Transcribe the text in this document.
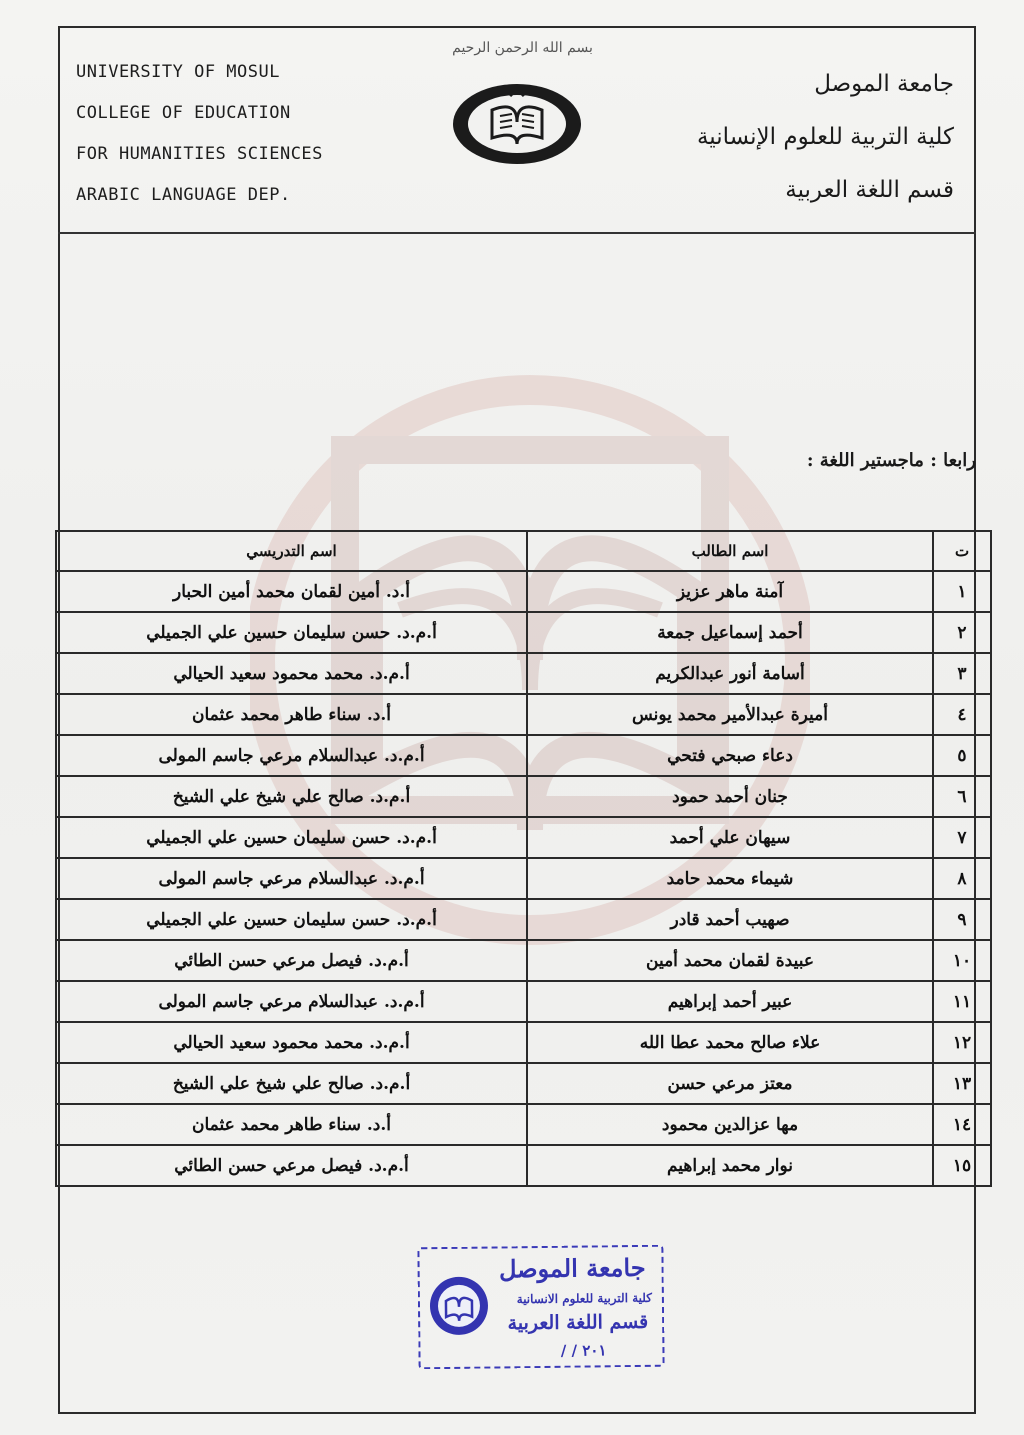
بسم الله الرحمن الرحيم
UNIVERSITY OF MOSUL
COLLEGE OF EDUCATION
FOR HUMANITIES SCIENCES
ARABIC LANGUAGE DEP.
جامعة الموصل
كلية التربية للعلوم الإنسانية
قسم اللغة العربية
رابعا : ماجستير اللغة :
ت	اسم الطالب	اسم التدريسي
١	آمنة ماهر عزيز	أ.د. أمين لقمان محمد أمين الحبار
٢	أحمد إسماعيل جمعة	أ.م.د. حسن سليمان حسين علي الجميلي
٣	أسامة أنور عبدالكريم	أ.م.د. محمد محمود سعيد الحيالي
٤	أميرة عبدالأمير محمد يونس	أ.د. سناء طاهر محمد عثمان
٥	دعاء صبحي فتحي	أ.م.د. عبدالسلام مرعي جاسم المولى
٦	جنان أحمد حمود	أ.م.د. صالح علي شيخ علي الشيخ
٧	سيهان علي أحمد	أ.م.د. حسن سليمان حسين علي الجميلي
٨	شيماء محمد حامد	أ.م.د. عبدالسلام مرعي جاسم المولى
٩	صهيب أحمد قادر	أ.م.د. حسن سليمان حسين علي الجميلي
١٠	عبيدة لقمان محمد أمين	أ.م.د. فيصل مرعي حسن الطائي
١١	عبير أحمد إبراهيم	أ.م.د. عبدالسلام مرعي جاسم المولى
١٢	علاء صالح محمد عطا الله	أ.م.د. محمد محمود سعيد الحيالي
١٣	معتز مرعي حسن	أ.م.د. صالح علي شيخ علي الشيخ
١٤	مها عزالدين محمود	أ.د. سناء طاهر محمد عثمان
١٥	نوار محمد إبراهيم	أ.م.د. فيصل مرعي حسن الطائي
جامعة الموصل
كلية التربية للعلوم الانسانية
قسم اللغة العربية
٢٠١ / /
